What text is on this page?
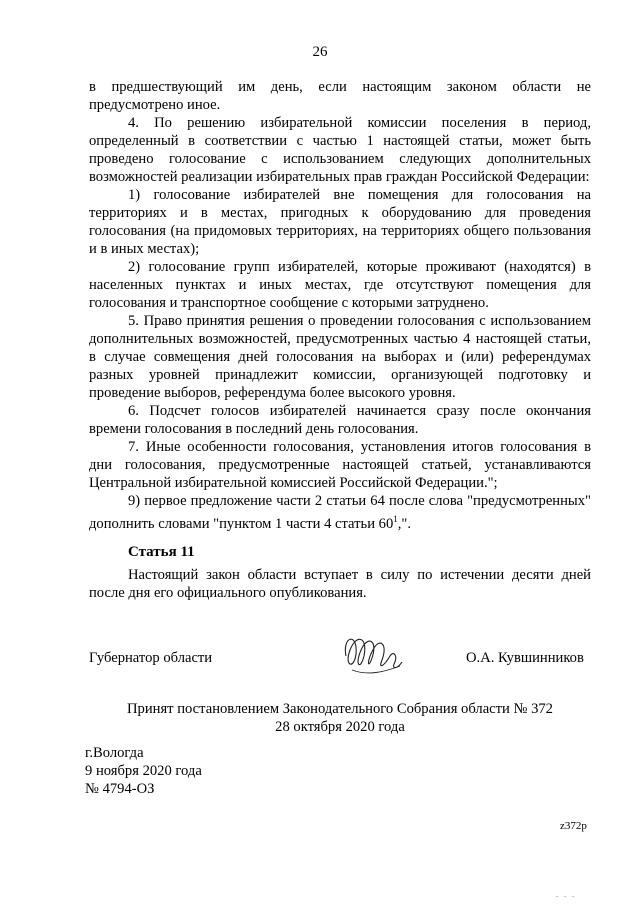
26

в предшествующий им день, если настоящим законом области не предусмотрено иное.

4. По решению избирательной комиссии поселения в период, определенный в соответствии с частью 1 настоящей статьи, может быть проведено голосование с использованием следующих дополнительных возможностей реализации избирательных прав граждан Российской Федерации:

1) голосование избирателей вне помещения для голосования на территориях и в местах, пригодных к оборудованию для проведения голосования (на придомовых территориях, на территориях общего пользования и в иных местах);

2) голосование групп избирателей, которые проживают (находятся) в населенных пунктах и иных местах, где отсутствуют помещения для голосования и транспортное сообщение с которыми затруднено.

5. Право принятия решения о проведении голосования с использованием дополнительных возможностей, предусмотренных частью 4 настоящей статьи, в случае совмещения дней голосования на выборах и (или) референдумах разных уровней принадлежит комиссии, организующей подготовку и проведение выборов, референдума более высокого уровня.

6. Подсчет голосов избирателей начинается сразу после окончания времени голосования в последний день голосования.

7. Иные особенности голосования, установления итогов голосования в дни голосования, предусмотренные настоящей статьей, устанавливаются Центральной избирательной комиссией Российской Федерации.";

9) первое предложение части 2 статьи 64 после слова "предусмотренных" дополнить словами "пунктом 1 части 4 статьи $60^1$,".

Статья 11
Настоящий закон области вступает в силу по истечении десяти дней после дня его официального опубликования.
Губернатор области	О.А. Кувшинников
Принят постановлением Законодательного Собрания области № 372
28 октября 2020 года
г.Вологда
9 ноября 2020 года
№ 4794-ОЗ
z372p
- - -
